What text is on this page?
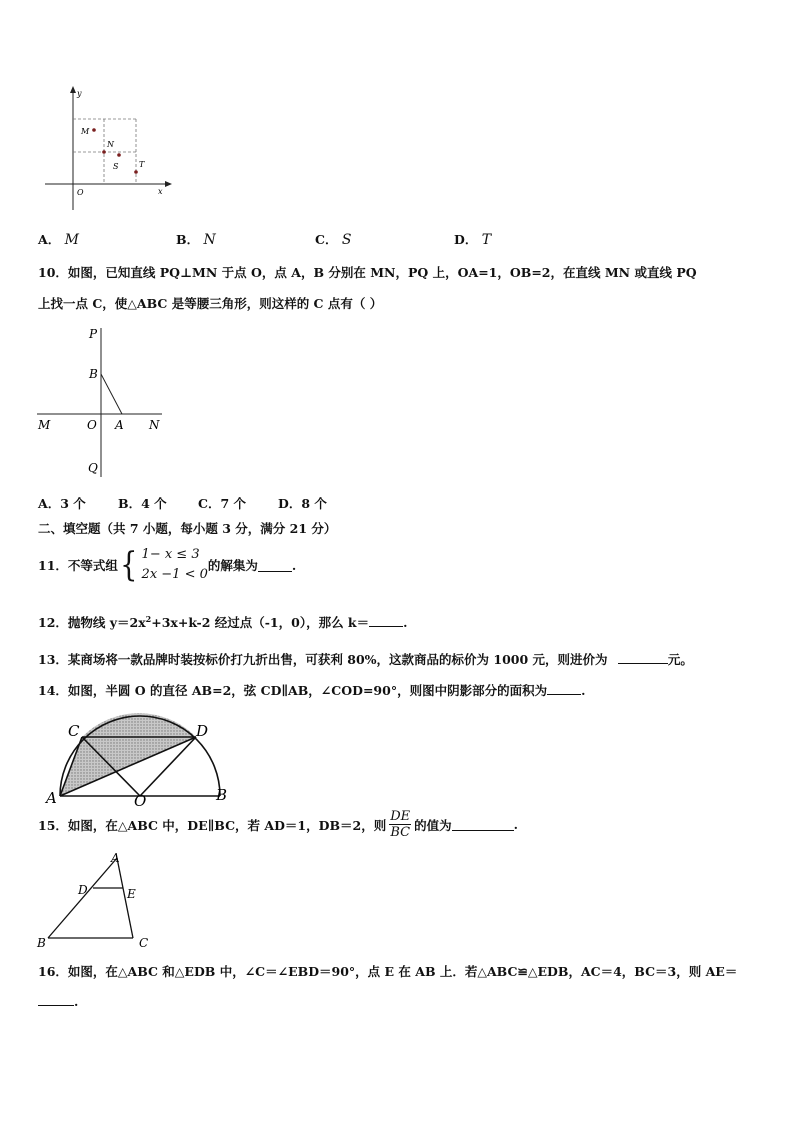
y
x
O
M
N
S	T
A． M	B． N	C． S	D． T
10．如图，已知直线 PQ⊥MN 于点 O，点 A，B 分别在 MN，PQ 上，OA=1，OB=2，在直线 MN 或直线 PQ
上找一点 C，使△ABC 是等腰三角形，则这样的 C 点有（ ）
P
B
M	O A N
Q
A．3 个	B．4 个	C．7 个	D．8 个
二、填空题（共 7 小题，每小题 3 分，满分 21 分）
11．不等式组 { 1− x ≤ 3
2x −1 < 0
的解集为	.
12．抛物线 $y=2x^2+3x+k-2$ 经过点（-1，0），那么 k＝	.
13．某商场将一款品牌时装按标价打九折出售，可获利 80%，这款商品的标价为 1000 元，则进价为	元。
14．如图，半圆 O 的直径 AB=2，弦 CD∥AB，∠COD=90°，则图中阴影部分的面积为	.
C	D
A	O	B
15．如图，在△ABC 中，DE∥BC，若 AD＝1，DB＝2，则 $\frac{DE}{BC}$ 的值为	.
A
D	E
B	C
16．如图，在△ABC 和△EDB 中，∠C＝∠EBD＝90°，点 E 在 AB 上．若△ABC≌△EDB，AC＝4，BC＝3，则 AE＝
.
